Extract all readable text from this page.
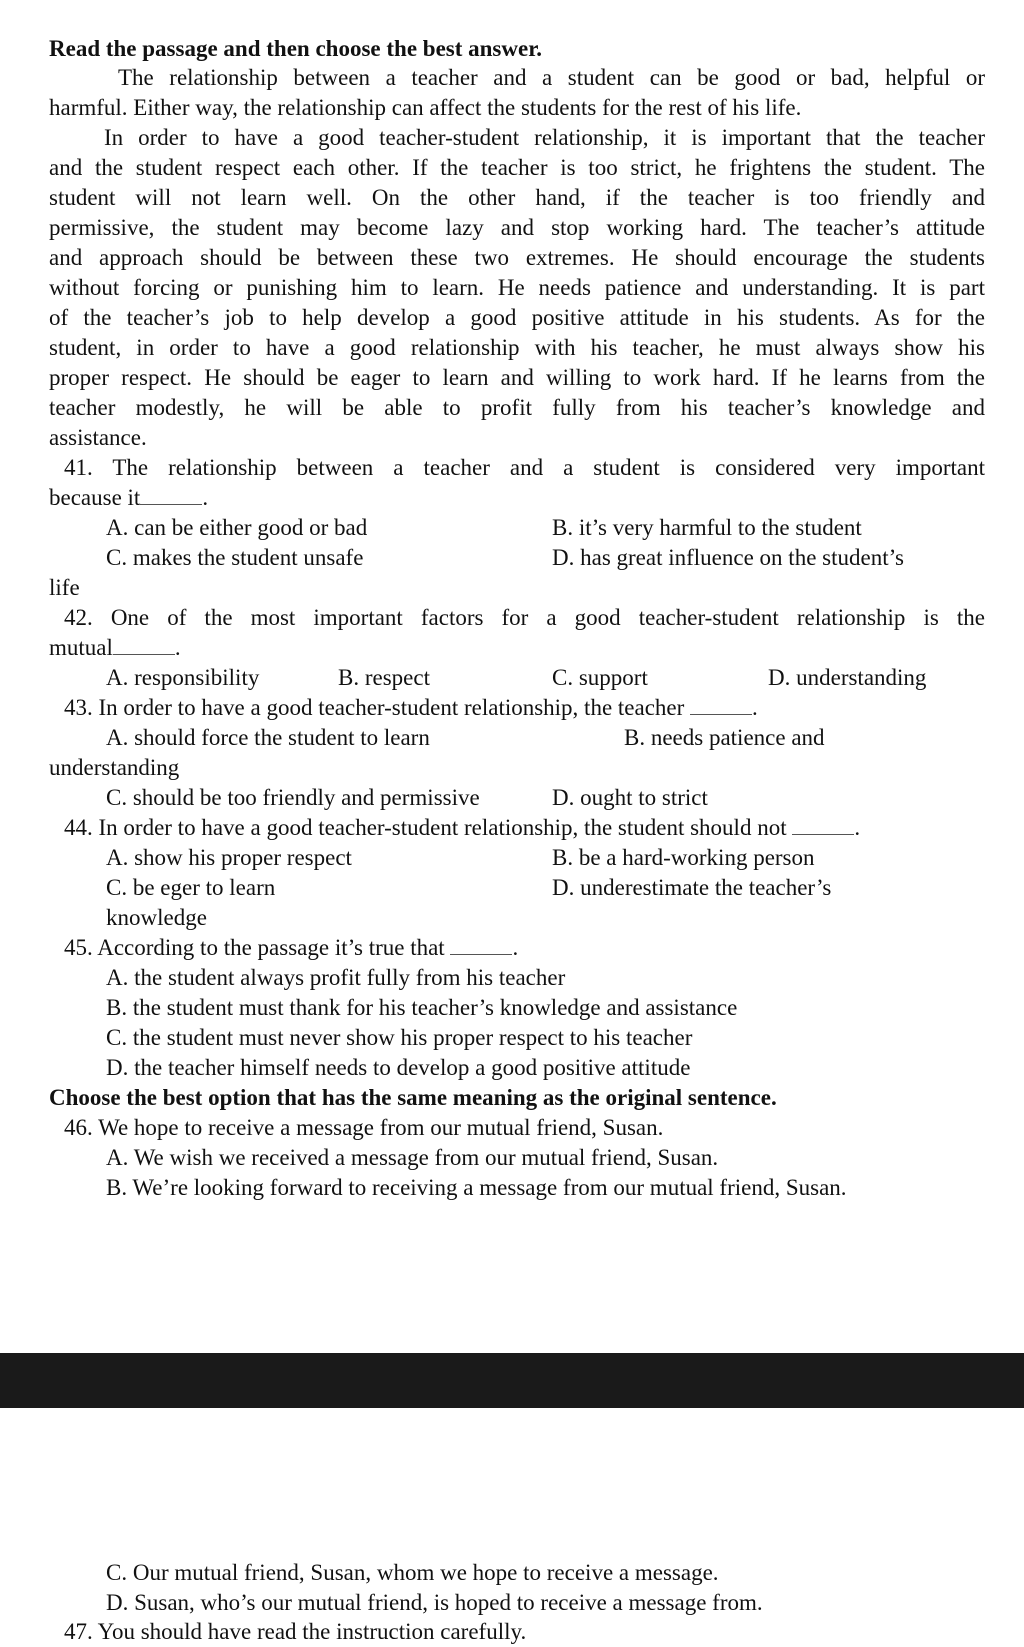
Read the passage and then choose the best answer.
The relationship between a teacher and a student can be good or bad, helpful or
harmful. Either way, the relationship can affect the students for the rest of his life.
In order to have a good teacher-student relationship, it is important that the teacher
and the student respect each other. If the teacher is too strict, he frightens the student. The
student will not learn well. On the other hand, if the teacher is too friendly and
permissive, the student may become lazy and stop working hard. The teacher’s attitude
and approach should be between these two extremes. He should encourage the students
without forcing or punishing him to learn. He needs patience and understanding. It is part
of the teacher’s job to help develop a good positive attitude in his students. As for the
student, in order to have a good relationship with his teacher, he must always show his
proper respect. He should be eager to learn and willing to work hard. If he learns from the
teacher modestly, he will be able to profit fully from his teacher’s knowledge and
assistance.
41. The relationship between a teacher and a student is considered very important
because it	.
A. can be either good or bad	B. it’s very harmful to the student
C. makes the student unsafe	D. has great influence on the student’s
life
42. One of the most important factors for a good teacher-student relationship is the
mutual	.
A. responsibility	B. respect	C. support	D. understanding
43. In order to have a good teacher-student relationship, the teacher	.
A. should force the student to learn	B. needs patience and
understanding
C. should be too friendly and permissive	D. ought to strict
44. In order to have a good teacher-student relationship, the student should not	.
A. show his proper respect	B. be a hard-working person
C. be eger to learn	D. underestimate the teacher’s
knowledge
45. According to the passage it’s true that	.
A. the student always profit fully from his teacher
B. the student must thank for his teacher’s knowledge and assistance
C. the student must never show his proper respect to his teacher
D. the teacher himself needs to develop a good positive attitude
Choose the best option that has the same meaning as the original sentence.
46. We hope to receive a message from our mutual friend, Susan.
A. We wish we received a message from our mutual friend, Susan.
B. We’re looking forward to receiving a message from our mutual friend, Susan.
C. Our mutual friend, Susan, whom we hope to receive a message.
D. Susan, who’s our mutual friend, is hoped to receive a message from.
47. You should have read the instruction carefully.
